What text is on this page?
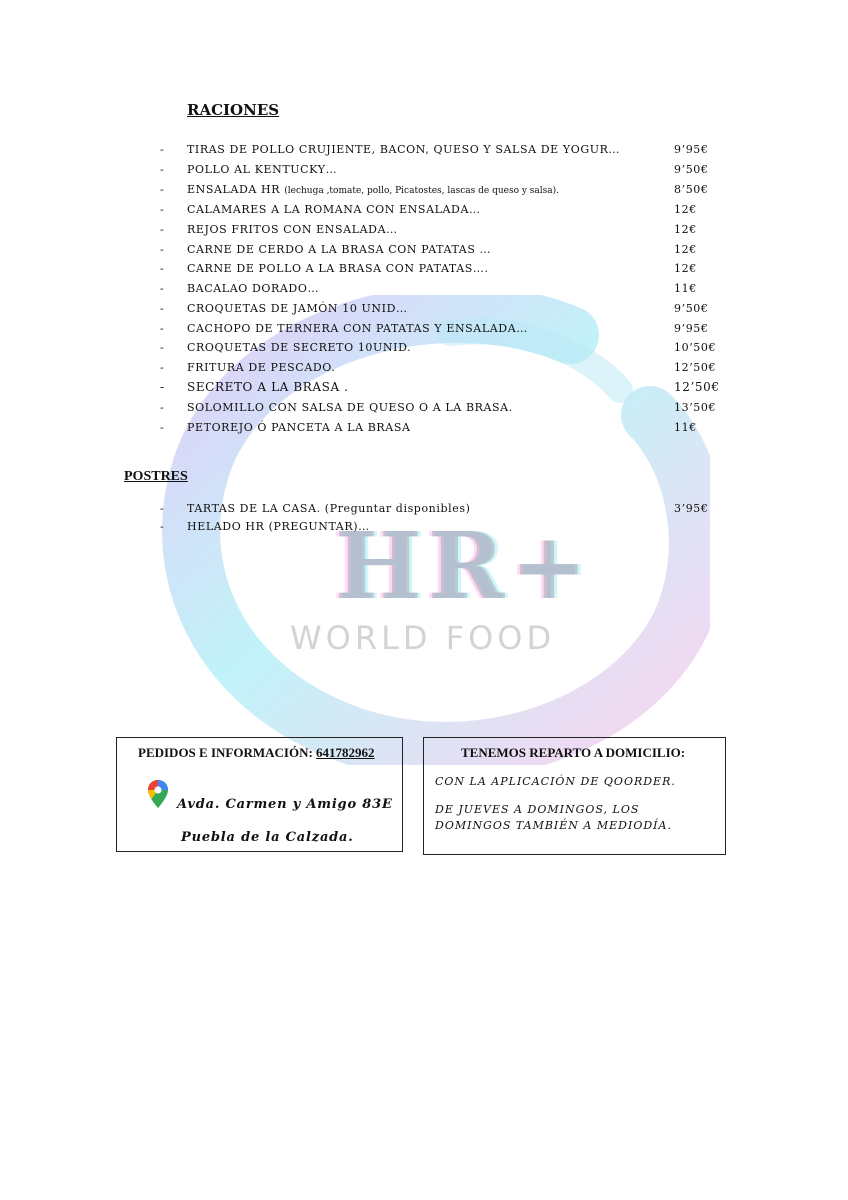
HR+
WORLD FOOD
RACIONES
- TIRAS DE POLLO CRUJIENTE, BACON, QUESO Y SALSA DE YOGUR…	9’95€
- POLLO AL KENTUCKY…	9’50€
- ENSALADA HR (lechuga ,tomate, pollo, Picatostes, lascas de queso y salsa).	8’50€
- CALAMARES A LA ROMANA CON ENSALADA…	12€
- REJOS FRITOS CON ENSALADA…	12€
- CARNE DE CERDO A LA BRASA CON PATATAS …	12€
- CARNE DE POLLO A LA BRASA CON PATATAS….	12€
- BACALAO DORADO…	11€
- CROQUETAS DE JAMÓN 10 UNID…	9’50€
- CACHOPO DE TERNERA CON PATATAS Y ENSALADA…	9’95€
- CROQUETAS DE SECRETO 10UNID.	10’50€
- FRITURA DE PESCADO.	12’50€
- SECRETO A LA BRASA .	12’50€
- SOLOMILLO CON SALSA DE QUESO O A LA BRASA.	13’50€
- PETOREJO Ó PANCETA A LA BRASA	11€
POSTRES
- TARTAS DE LA CASA. (Preguntar disponibles)	3’95€
- HELADO HR (PREGUNTAR)…
PEDIDOS E INFORMACIÓN: 641782962
Avda. Carmen y Amigo 83E
Puebla de la Calzada.
TENEMOS REPARTO A DOMICILIO:
CON LA APLICACIÓN DE QOORDER.
DE JUEVES A DOMINGOS, LOS DOMINGOS TAMBIÉN A MEDIODÍA.
